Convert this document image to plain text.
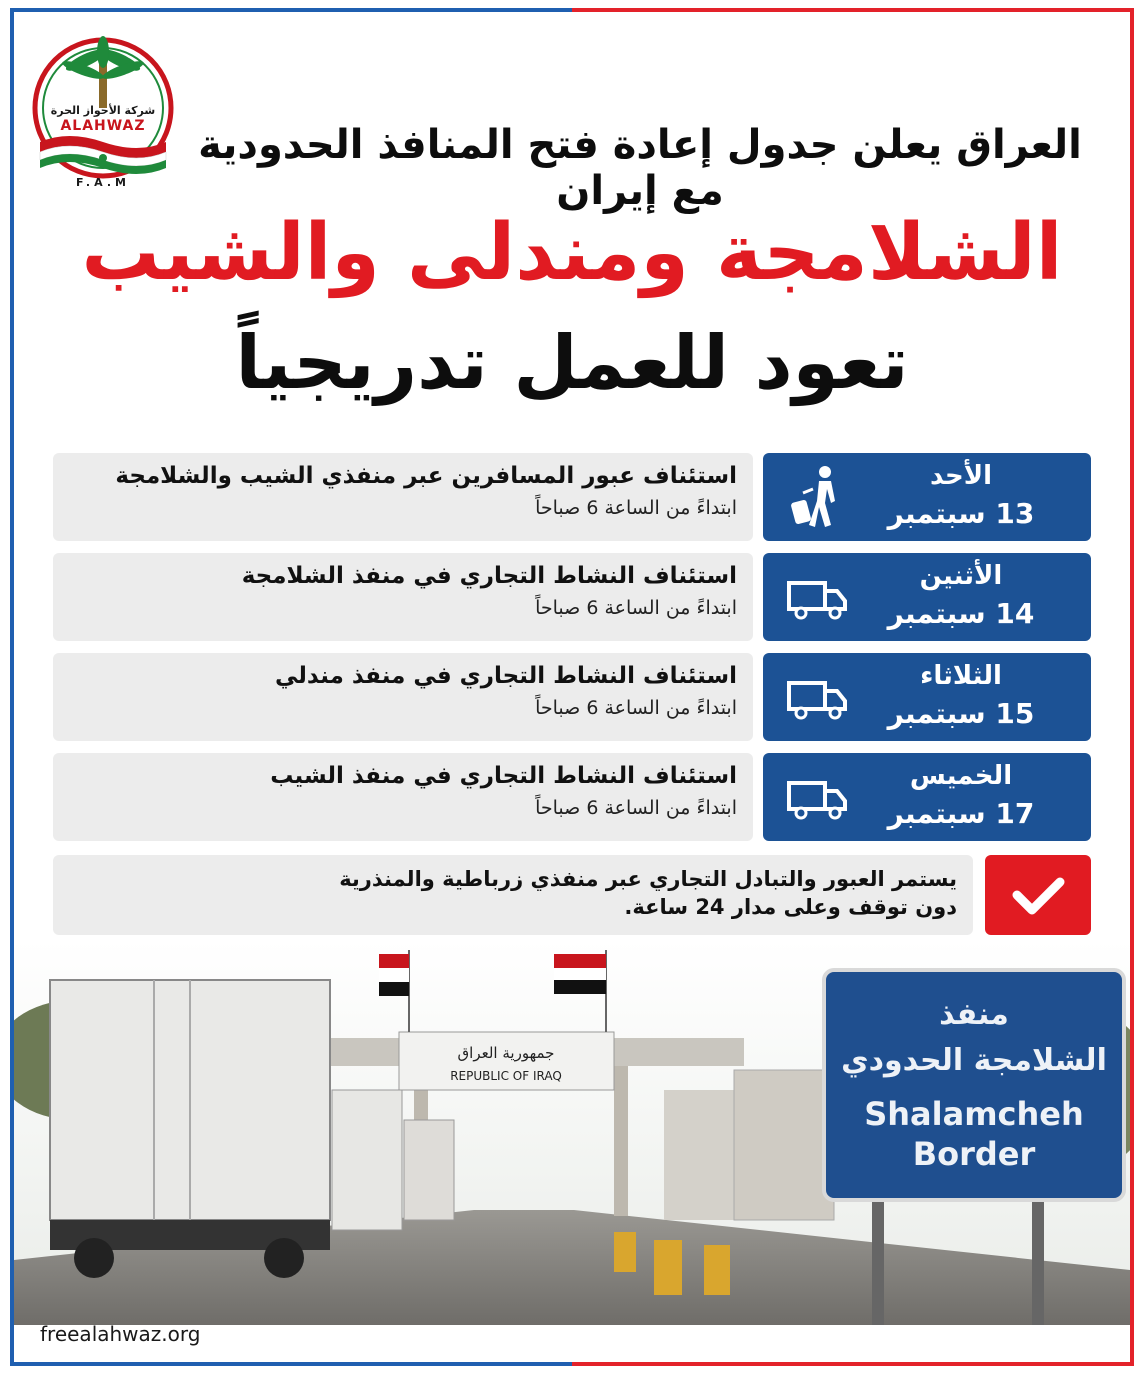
شركة الأحواز الحرة
ALAHWAZ
F.A.M
العراق يعلن جدول إعادة فتح المنافذ الحدودية مع إيران
الشلامجة ومندلى والشيب
تعود للعمل تدريجياً
استئناف عبور المسافرين عبر منفذي الشيب والشلامجة
ابتداءً من الساعة 6 صباحاً
الأحد
13 سبتمبر
استئناف النشاط التجاري في منفذ الشلامجة
ابتداءً من الساعة 6 صباحاً
الأثنين
14 سبتمبر
استئناف النشاط التجاري في منفذ مندلي
ابتداءً من الساعة 6 صباحاً
الثلاثاء
15 سبتمبر
استئناف النشاط التجاري في منفذ الشيب
ابتداءً من الساعة 6 صباحاً
الخميس
17 سبتمبر
يستمر العبور والتبادل التجاري عبر منفذي زرباطية والمنذرية
دون توقف وعلى مدار 24 ساعة.
جمهورية العراق
REPUBLIC OF IRAQ
منفذ
الشلامجة الحدودي
Shalamcheh
Border
freealahwaz.org
